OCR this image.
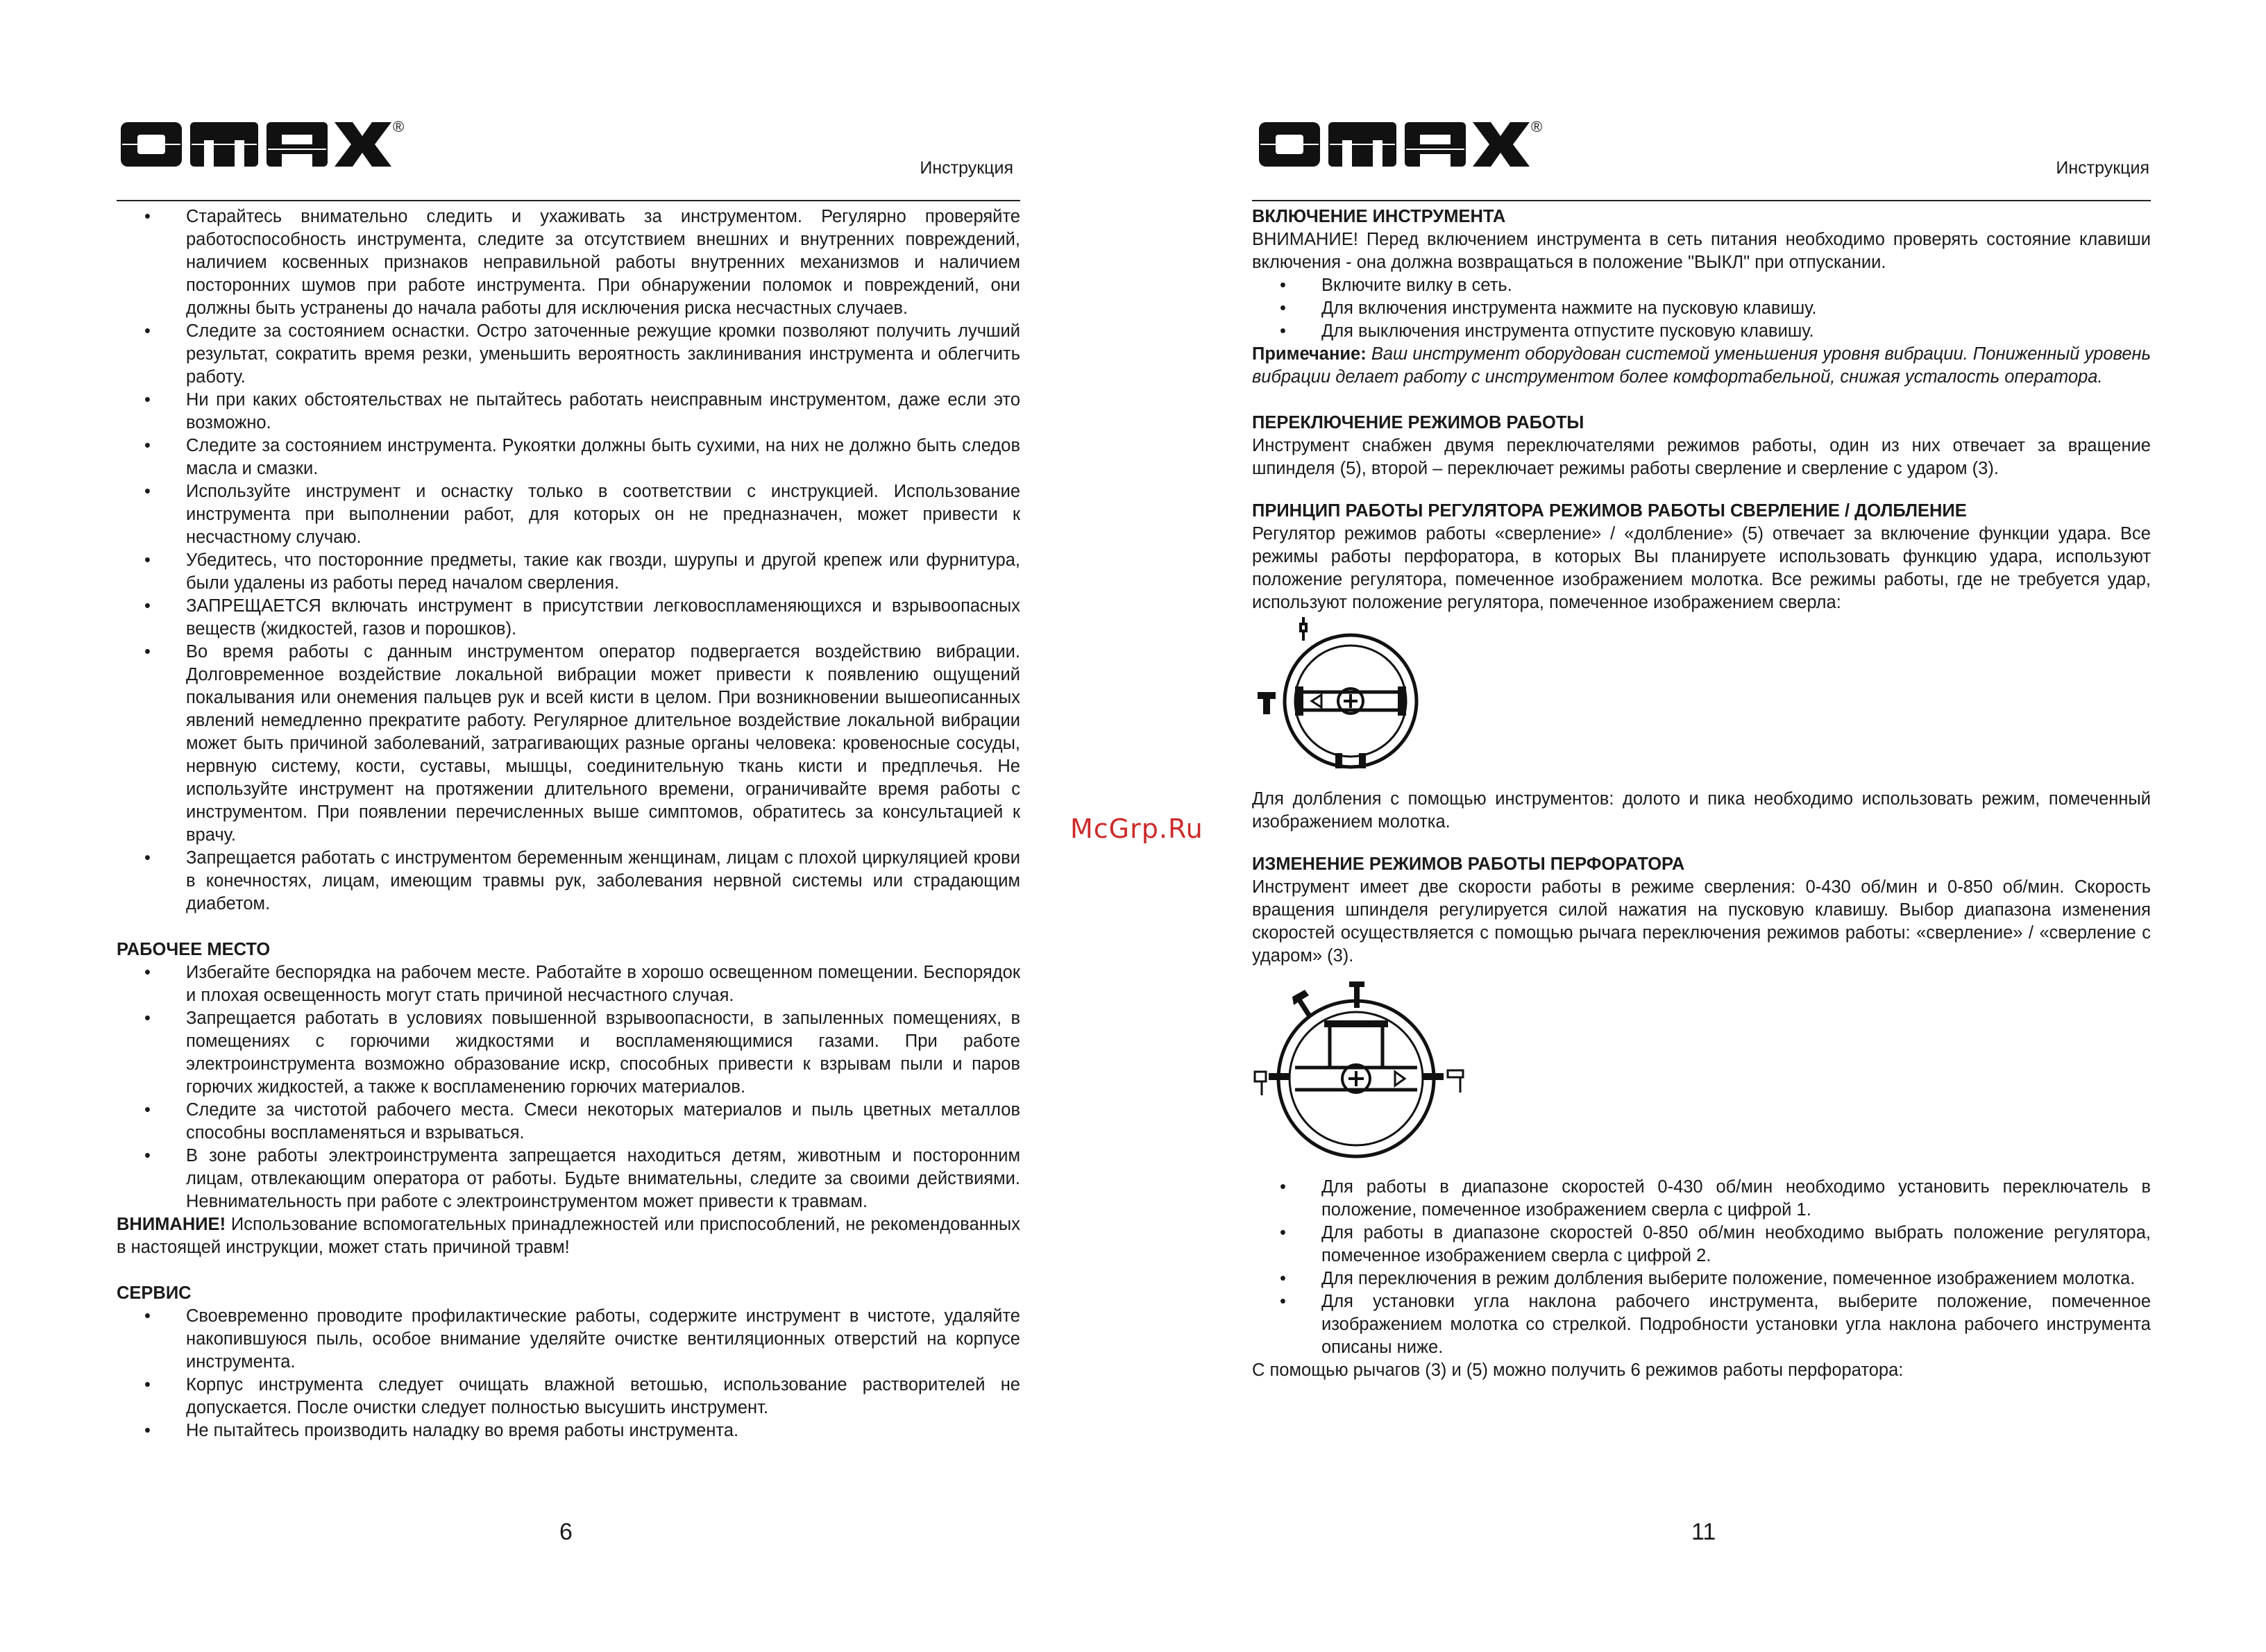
®
Инструкция
• Старайтесь внимательно следить и ухаживать за инструментом. Регулярно проверяйте работоспособность инструмента, следите за отсутствием внешних и внутренних повреждений, наличием косвенных признаков неправильной работы внутренних механизмов и наличием посторонних шумов при работе инструмента. При обнаружении поломок и повреждений, они должны быть устранены до начала работы для исключения риска несчастных случаев.
• Следите за состоянием оснастки. Остро заточенные режущие кромки позволяют получить лучший результат, сократить время резки, уменьшить вероятность заклинивания инструмента и облегчить работу.
• Ни при каких обстоятельствах не пытайтесь работать неисправным инструментом, даже если это возможно.
• Следите за состоянием инструмента. Рукоятки должны быть сухими, на них не должно быть следов масла и смазки.
• Используйте инструмент и оснастку только в соответствии с инструкцией. Использование инструмента при выполнении работ, для которых он не предназначен, может привести к несчастному случаю.
• Убедитесь, что посторонние предметы, такие как гвозди, шурупы и другой крепеж или фурнитура, были удалены из работы перед началом сверления.
• ЗАПРЕЩАЕТСЯ включать инструмент в присутствии легковоспламеняющихся и взрывоопасных веществ (жидкостей, газов и порошков).
• Во время работы с данным инструментом оператор подвергается воздействию вибрации. Долговременное воздействие локальной вибрации может привести к появлению ощущений покалывания или онемения пальцев рук и всей кисти в целом. При возникновении вышеописанных явлений немедленно прекратите работу. Регулярное длительное воздействие локальной вибрации может быть причиной заболеваний, затрагивающих разные органы человека: кровеносные сосуды, нервную систему, кости, суставы, мышцы, соединительную ткань кисти и предплечья. Не используйте инструмент на протяжении длительного времени, ограничивайте время работы с инструментом. При появлении перечисленных выше симптомов, обратитесь за консультацией к врачу.
• Запрещается работать с инструментом беременным женщинам, лицам с плохой циркуляцией крови в конечностях, лицам, имеющим травмы рук, заболевания нервной системы или страдающим диабетом.
РАБОЧЕЕ МЕСТО
• Избегайте беспорядка на рабочем месте. Работайте в хорошо освещенном помещении. Беспорядок и плохая освещенность могут стать причиной несчастного случая.
• Запрещается работать в условиях повышенной взрывоопасности, в запыленных помещениях, в помещениях с горючими жидкостями и воспламеняющимися газами. При работе электроинструмента возможно образование искр, способных привести к взрывам пыли и паров горючих жидкостей, а также к воспламенению горючих материалов.
• Следите за чистотой рабочего места. Смеси некоторых материалов и пыль цветных металлов способны воспламеняться и взрываться.
• В зоне работы электроинструмента запрещается находиться детям, животным и посторонним лицам, отвлекающим оператора от работы. Будьте внимательны, следите за своими действиями. Невнимательность при работе с электроинструментом может привести к травмам.
ВНИМАНИЕ! Использование вспомогательных принадлежностей или приспособлений, не рекомендованных в настоящей инструкции, может стать причиной травм!
СЕРВИС
• Своевременно проводите профилактические работы, содержите инструмент в чистоте, удаляйте накопившуюся пыль, особое внимание уделяйте очистке вентиляционных отверстий на корпусе инструмента.
• Корпус инструмента следует очищать влажной ветошью, использование растворителей не допускается. После очистки следует полностью высушить инструмент.
• Не пытайтесь производить наладку во время работы инструмента.
6
®
Инструкция
ВКЛЮЧЕНИЕ ИНСТРУМЕНТА
ВНИМАНИЕ! Перед включением инструмента в сеть питания необходимо проверять состояние клавиши включения - она должна возвращаться в положение "ВЫКЛ" при отпускании.
• Включите вилку в сеть.
• Для включения инструмента нажмите на пусковую клавишу.
• Для выключения инструмента отпустите пусковую клавишу.
Примечание: Ваш инструмент оборудован системой уменьшения уровня вибрации. Пониженный уровень вибрации делает работу с инструментом более комфортабельной, снижая усталость оператора.
ПЕРЕКЛЮЧЕНИЕ РЕЖИМОВ РАБОТЫ
Инструмент снабжен двумя переключателями режимов работы, один из них отвечает за вращение шпинделя (5), второй – переключает режимы работы сверление и сверление с ударом (3).
ПРИНЦИП РАБОТЫ РЕГУЛЯТОРА РЕЖИМОВ РАБОТЫ СВЕРЛЕНИЕ / ДОЛБЛЕНИЕ
Регулятор режимов работы «сверление» / «долбление» (5) отвечает за включение функции удара. Все режимы работы перфоратора, в которых Вы планируете использовать функцию удара, используют положение регулятора, помеченное изображением молотка. Все режимы работы, где не требуется удар, используют положение регулятора, помеченное изображением сверла:
Для долбления с помощью инструментов: долото и пика необходимо использовать режим, помеченный изображением молотка.
ИЗМЕНЕНИЕ РЕЖИМОВ РАБОТЫ ПЕРФОРАТОРА
Инструмент имеет две скорости работы в режиме сверления: 0-430 об/мин и 0-850 об/мин. Скорость вращения шпинделя регулируется силой нажатия на пусковую клавишу. Выбор диапазона изменения скоростей осуществляется с помощью рычага переключения режимов работы: «сверление» / «сверление с ударом» (3).
• Для работы в диапазоне скоростей 0-430 об/мин необходимо установить переключатель в положение, помеченное изображением сверла с цифрой 1.
• Для работы в диапазоне скоростей 0-850 об/мин необходимо выбрать положение регулятора, помеченное изображением сверла с цифрой 2.
• Для переключения в режим долбления выберите положение, помеченное изображением молотка.
• Для установки угла наклона рабочего инструмента, выберите положение, помеченное изображением молотка со стрелкой. Подробности установки угла наклона рабочего инструмента описаны ниже.
С помощью рычагов (3) и (5) можно получить 6 режимов работы перфоратора:
11
McGrp.Ru
